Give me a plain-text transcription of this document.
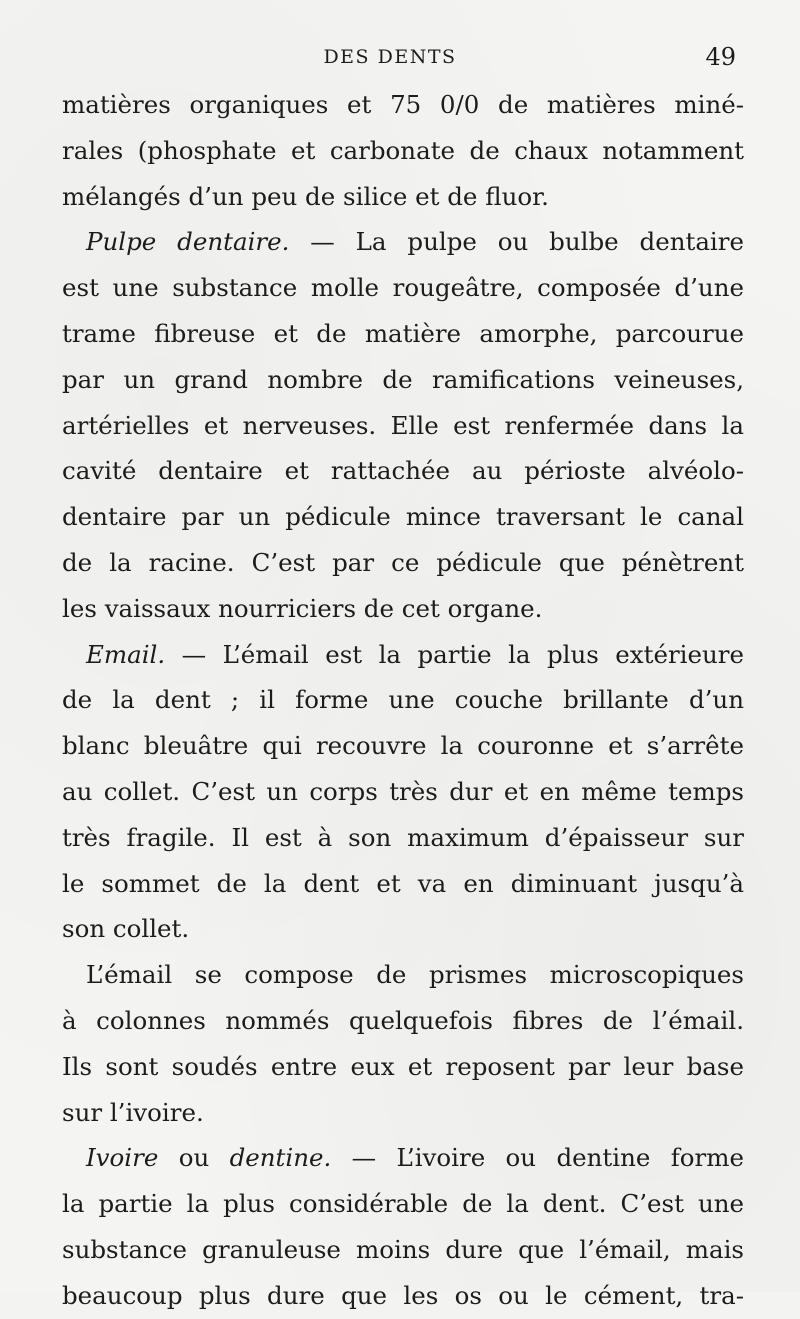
DES DENTS	49
matières organiques et 75 0/0 de matières miné-
rales (phosphate et carbonate de chaux notamment
mélangés d’un peu de silice et de fluor.
Pulpe dentaire. — La pulpe ou bulbe dentaire
est une substance molle rougeâtre, composée d’une
trame fibreuse et de matière amorphe, parcourue
par un grand nombre de ramifications veineuses,
artérielles et nerveuses. Elle est renfermée dans la
cavité dentaire et rattachée au périoste alvéolo-
dentaire par un pédicule mince traversant le canal
de la racine. C’est par ce pédicule que pénètrent
les vaissaux nourriciers de cet organe.
Email. — L’émail est la partie la plus extérieure
de la dent ; il forme une couche brillante d’un
blanc bleuâtre qui recouvre la couronne et s’arrête
au collet. C’est un corps très dur et en même temps
très fragile. Il est à son maximum d’épaisseur sur
le sommet de la dent et va en diminuant jusqu’à
son collet.
L’émail se compose de prismes microscopiques
à colonnes nommés quelquefois fibres de l’émail.
Ils sont soudés entre eux et reposent par leur base
sur l’ivoire.
Ivoire ou dentine. — L’ivoire ou dentine forme
la partie la plus considérable de la dent. C’est une
substance granuleuse moins dure que l’émail, mais
beaucoup plus dure que les os ou le cément, tra-
